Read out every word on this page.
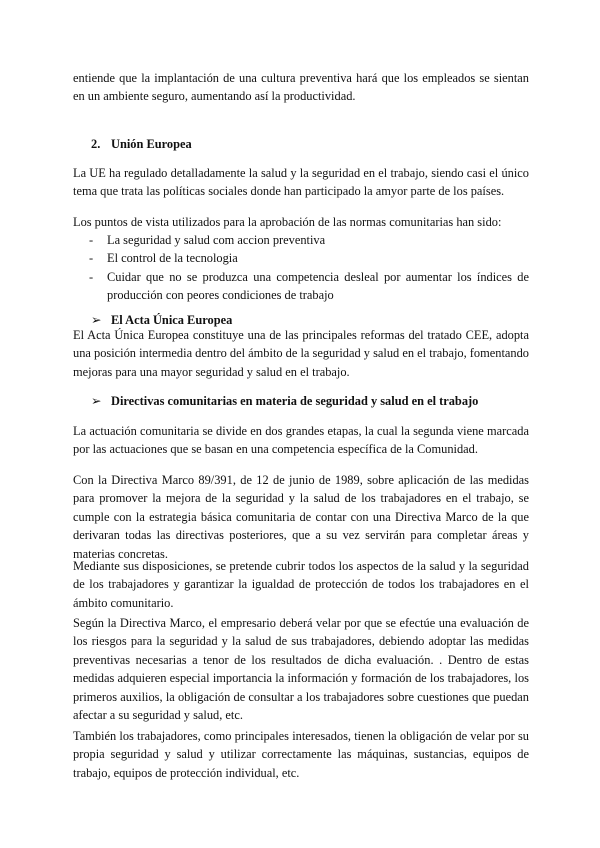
entiende que la implantación de una cultura preventiva hará que los empleados se sientan en un ambiente seguro, aumentando así la productividad.

2. Unión Europea

La UE ha regulado detalladamente la salud y la seguridad en el trabajo, siendo casi el único tema que trata las políticas sociales donde han participado la amyor parte de los países.

Los puntos de vista utilizados para la aprobación de las normas comunitarias han sido:

- La seguridad y salud com accion preventiva
- El control de la tecnologia
- Cuidar que no se produzca una competencia desleal por aumentar los índices de producción con peores condiciones de trabajo
➢ El Acta Única Europea

El Acta Única Europea constituye una de las principales reformas del tratado CEE, adopta una posición intermedia dentro del ámbito de la seguridad y salud en el trabajo, fomentando mejoras para una mayor seguridad y salud en el trabajo.

➢ Directivas comunitarias en materia de seguridad y salud en el trabajo

La actuación comunitaria se divide en dos grandes etapas, la cual la segunda viene marcada por las actuaciones que se basan en una competencia específica de la Comunidad.

Con la Directiva Marco 89/391, de 12 de junio de 1989, sobre aplicación de las medidas para promover la mejora de la seguridad y la salud de los trabajadores en el trabajo, se cumple con la estrategia básica comunitaria de contar con una Directiva Marco de la que derivaran todas las directivas posteriores, que a su vez servirán para completar áreas y materias concretas.

Mediante sus disposiciones, se pretende cubrir todos los aspectos de la salud y la seguridad de los trabajadores y garantizar la igualdad de protección de todos los trabajadores en el ámbito comunitario.

Según la Directiva Marco, el empresario deberá velar por que se efectúe una evaluación de los riesgos para la seguridad y la salud de sus trabajadores, debiendo adoptar las medidas preventivas necesarias a tenor de los resultados de dicha evaluación. . Dentro de estas medidas adquieren especial importancia la información y formación de los trabajadores, los primeros auxilios, la obligación de consultar a los trabajadores sobre cuestiones que puedan afectar a su seguridad y salud, etc.

También los trabajadores, como principales interesados, tienen la obligación de velar por su propia seguridad y salud y utilizar correctamente las máquinas, sustancias, equipos de trabajo, equipos de protección individual, etc.
